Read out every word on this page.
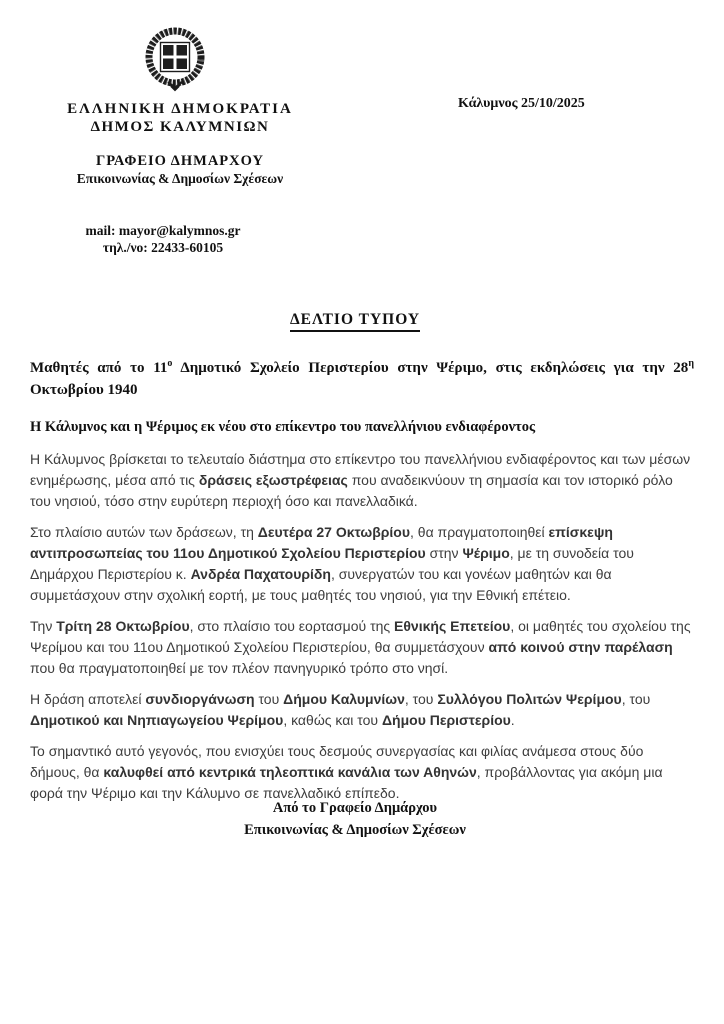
ΕΛΛΗΝΙΚΗ ΔΗΜΟΚΡΑΤΙΑ
ΔΗΜΟΣ ΚΑΛΥΜΝΙΩΝ
ΓΡΑΦΕΙΟ ΔΗΜΑΡΧΟΥ
Επικοινωνίας & Δημοσίων Σχέσεων
Κάλυμνος 25/10/2025
mail: mayor@kalymnos.gr
τηλ./νο: 22433-60105
ΔΕΛΤΙΟ ΤΥΠΟΥ
Μαθητές από το $11^o$ Δημοτικό Σχολείο Περιστερίου στην Ψέριμο, στις εκδηλώσεις για την $28^\eta$ Οκτωβρίου 1940
Η Κάλυμνος και η Ψέριμος εκ νέου στο επίκεντρο του πανελλήνιου ενδιαφέροντος

Η Κάλυμνος βρίσκεται το τελευταίο διάστημα στο επίκεντρο του πανελλήνιου ενδιαφέροντος και των μέσων ενημέρωσης, μέσα από τις δράσεις εξωστρέφειας που αναδεικνύουν τη σημασία και τον ιστορικό ρόλο του νησιού, τόσο στην ευρύτερη περιοχή όσο και πανελλαδικά.

Στο πλαίσιο αυτών των δράσεων, τη Δευτέρα 27 Οκτωβρίου, θα πραγματοποιηθεί επίσκεψη αντιπροσωπείας του 11ου Δημοτικού Σχολείου Περιστερίου στην Ψέριμο, με τη συνοδεία του Δημάρχου Περιστερίου κ. Ανδρέα Παχατουρίδη, συνεργατών του και γονέων μαθητών και θα συμμετάσχουν στην σχολική εορτή, με τους μαθητές του νησιού, για την Εθνική επέτειο.

Την Τρίτη 28 Οκτωβρίου, στο πλαίσιο του εορτασμού της Εθνικής Επετείου, οι μαθητές του σχολείου της Ψερίμου και του 11ου Δημοτικού Σχολείου Περιστερίου, θα συμμετάσχουν από κοινού στην παρέλαση που θα πραγματοποιηθεί με τον πλέον πανηγυρικό τρόπο στο νησί.

Η δράση αποτελεί συνδιοργάνωση του Δήμου Καλυμνίων, του Συλλόγου Πολιτών Ψερίμου, του Δημοτικού και Νηπιαγωγείου Ψερίμου, καθώς και του Δήμου Περιστερίου.

Το σημαντικό αυτό γεγονός, που ενισχύει τους δεσμούς συνεργασίας και φιλίας ανάμεσα στους δύο δήμους, θα καλυφθεί από κεντρικά τηλεοπτικά κανάλια των Αθηνών, προβάλλοντας για ακόμη μια φορά την Ψέριμο και την Κάλυμνο σε πανελλαδικό επίπεδο.

Από το Γραφείο Δημάρχου
Επικοινωνίας & Δημοσίων Σχέσεων
